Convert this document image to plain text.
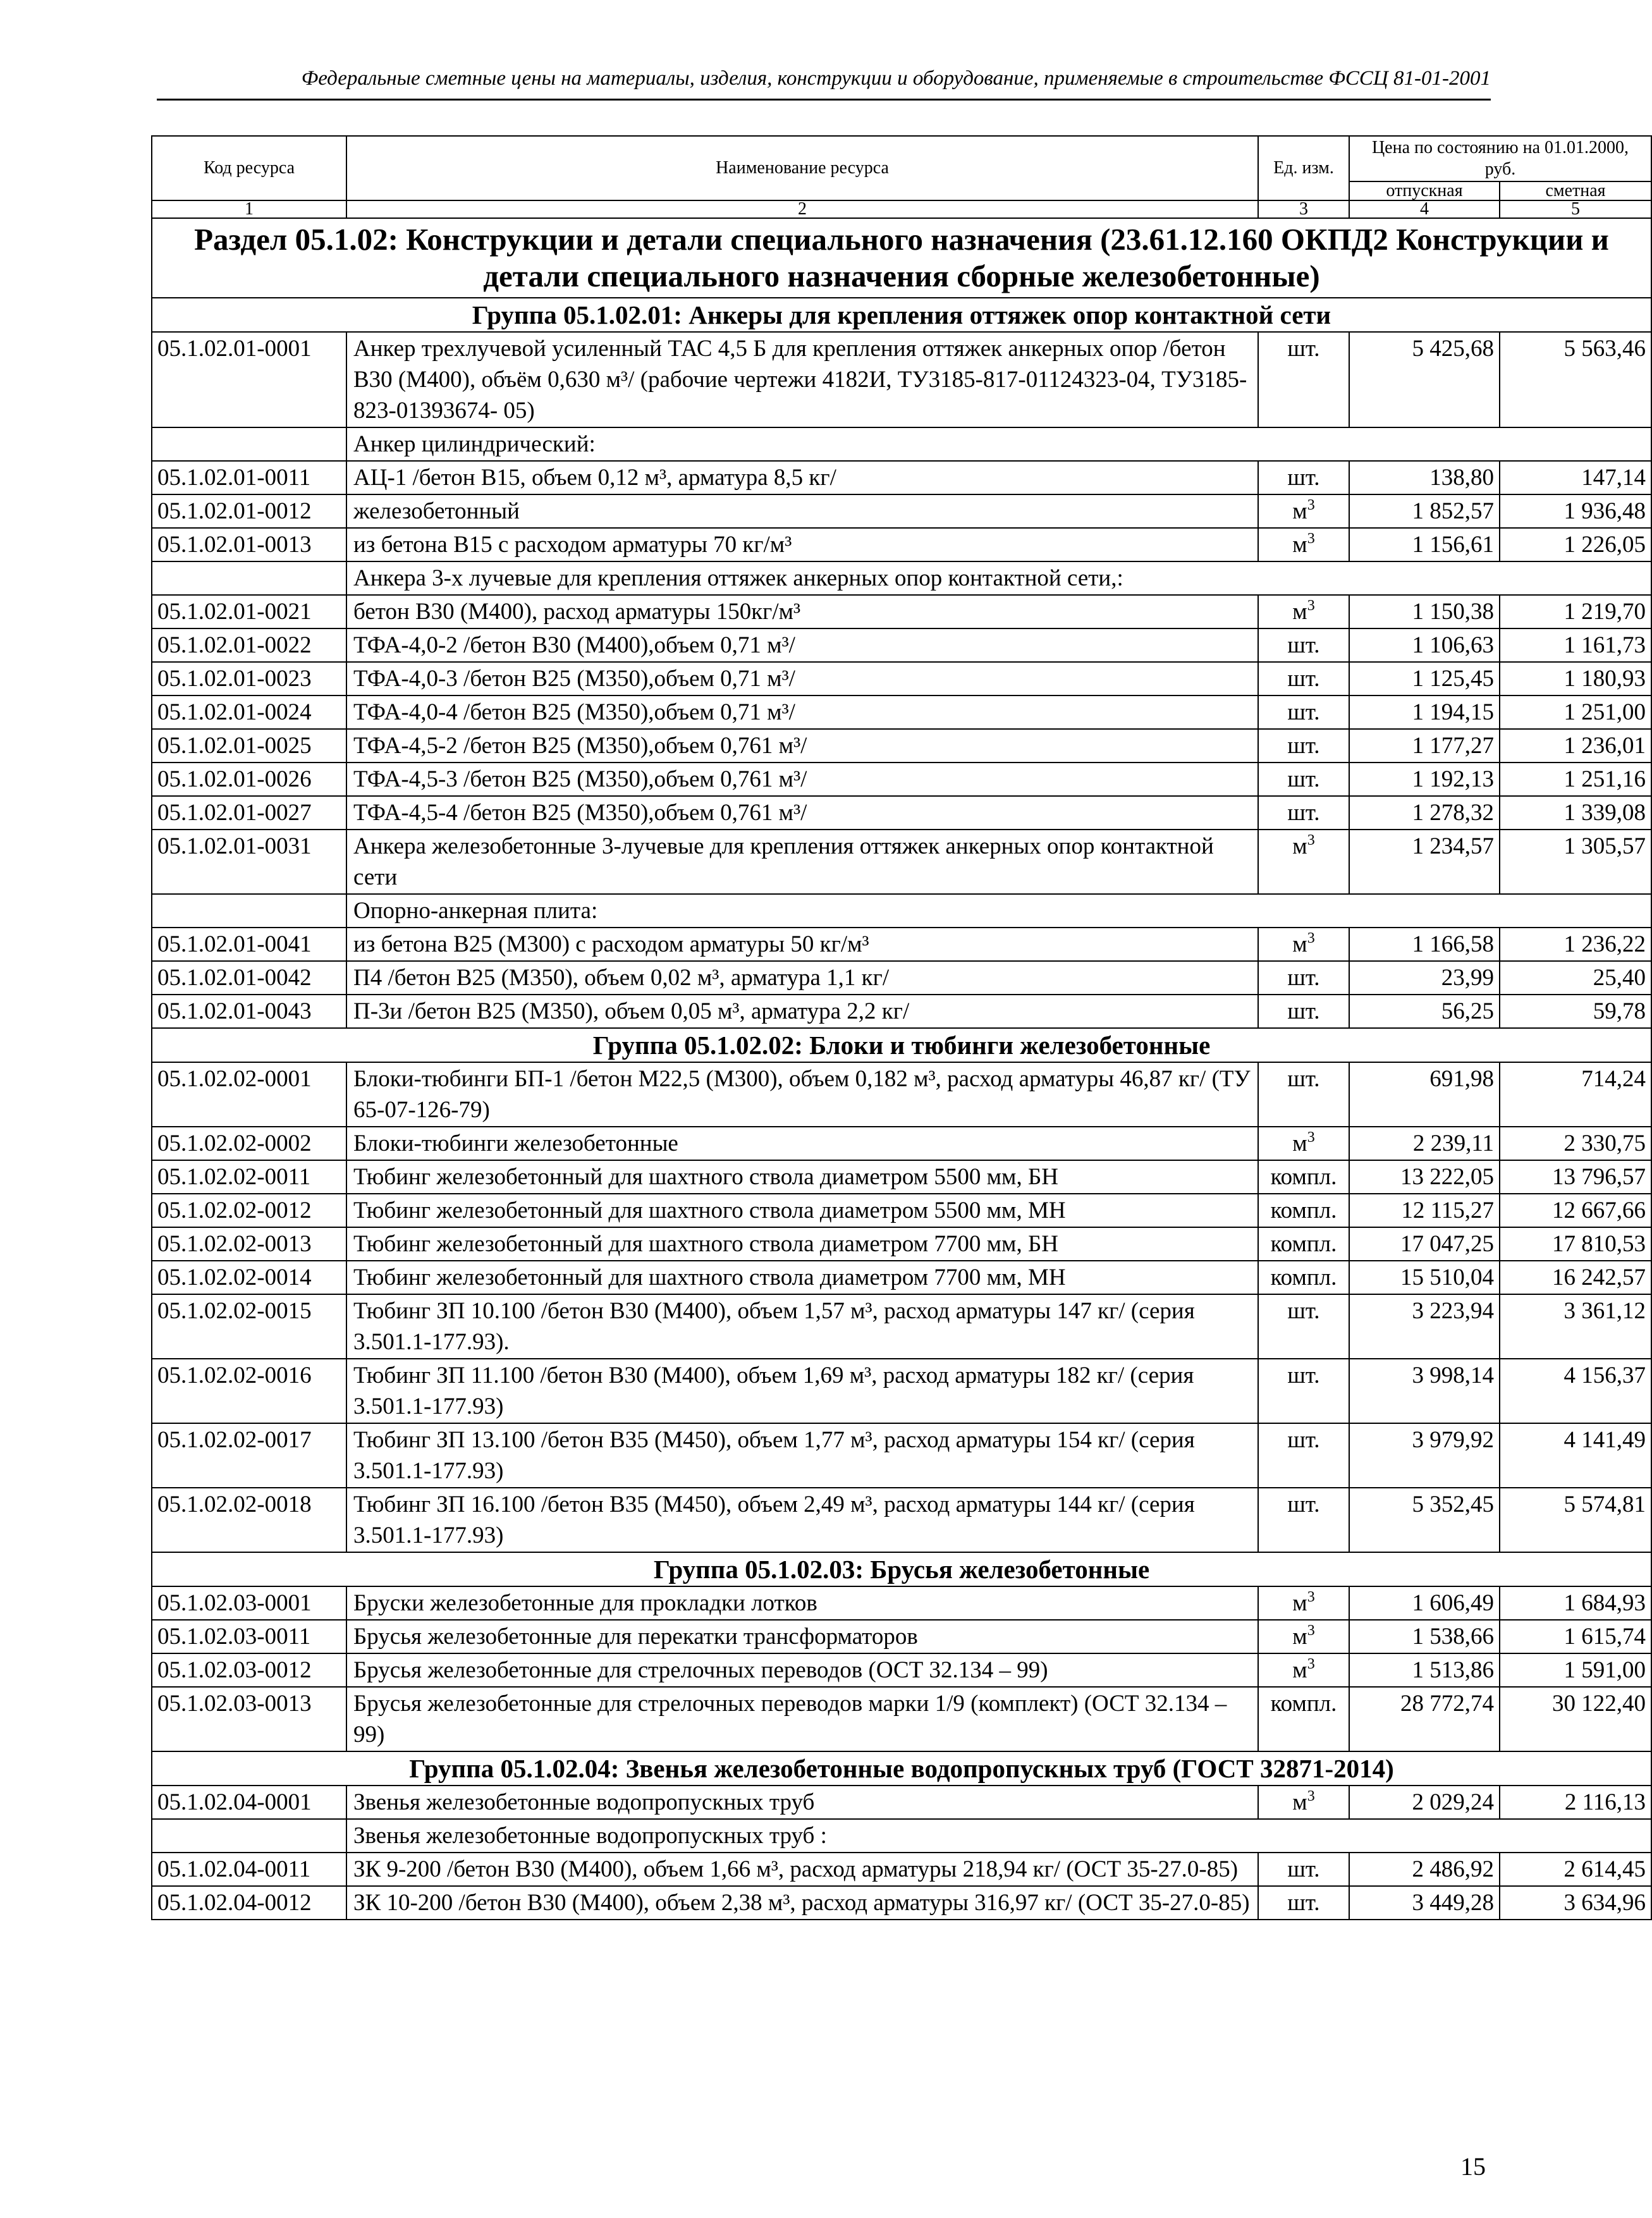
Федеральные сметные цены на материалы, изделия, конструкции и оборудование, применяемые в строительстве ФССЦ 81-01-2001
Код ресурса	Наименование ресурса	Ед. изм.	Цена по состоянию на 01.01.2000, руб.	
			отпускная	сметная
1	2	3	4	5
Раздел 05.1.02: Конструкции и детали специального назначения (23.61.12.160 ОКПД2 Конструкции и детали специального назначения сборные железобетонные)				
Группа 05.1.02.01: Анкеры для крепления оттяжек опор контактной сети				
05.1.02.01-0001	Анкер трехлучевой усиленный ТАС 4,5 Б для крепления оттяжек анкерных опор /бетон В30 (М400), объём 0,630 м³/ (рабочие чертежи 4182И, ТУ3185-817-01124323-04, ТУ3185-823-01393674- 05)	шт.	5 425,68	5 563,46
	Анкер цилиндрический:			
05.1.02.01-0011	АЦ-1 /бетон В15, объем 0,12 м³, арматура 8,5 кг/	шт.	138,80	147,14
05.1.02.01-0012	железобетонный	$м^3$	1 852,57	1 936,48
05.1.02.01-0013	из бетона В15 с расходом арматуры 70 кг/м³	$м^3$	1 156,61	1 226,05
	Анкера 3-х лучевые для крепления оттяжек анкерных опор контактной сети,:			
05.1.02.01-0021	бетон В30 (М400), расход арматуры 150кг/м³	$м^3$	1 150,38	1 219,70
05.1.02.01-0022	ТФА-4,0-2 /бетон В30 (М400),объем 0,71 м³/	шт.	1 106,63	1 161,73
05.1.02.01-0023	ТФА-4,0-3 /бетон В25 (М350),объем 0,71 м³/	шт.	1 125,45	1 180,93
05.1.02.01-0024	ТФА-4,0-4 /бетон В25 (М350),объем 0,71 м³/	шт.	1 194,15	1 251,00
05.1.02.01-0025	ТФА-4,5-2 /бетон В25 (М350),объем 0,761 м³/	шт.	1 177,27	1 236,01
05.1.02.01-0026	ТФА-4,5-3 /бетон В25 (М350),объем 0,761 м³/	шт.	1 192,13	1 251,16
05.1.02.01-0027	ТФА-4,5-4 /бетон В25 (М350),объем 0,761 м³/	шт.	1 278,32	1 339,08
05.1.02.01-0031	Анкера железобетонные 3-лучевые для крепления оттяжек анкерных опор контактной сети	$м^3$	1 234,57	1 305,57
	Опорно-анкерная плита:			
05.1.02.01-0041	из бетона В25 (М300) с расходом арматуры 50 кг/м³	$м^3$	1 166,58	1 236,22
05.1.02.01-0042	П4 /бетон В25 (М350), объем 0,02 м³, арматура 1,1 кг/	шт.	23,99	25,40
05.1.02.01-0043	П-3и /бетон В25 (М350), объем 0,05 м³, арматура 2,2 кг/	шт.	56,25	59,78
Группа 05.1.02.02: Блоки и тюбинги железобетонные				
05.1.02.02-0001	Блоки-тюбинги БП-1 /бетон М22,5 (М300), объем 0,182 м³, расход арматуры 46,87 кг/ (ТУ 65-07-126-79)	шт.	691,98	714,24
05.1.02.02-0002	Блоки-тюбинги железобетонные	$м^3$	2 239,11	2 330,75
05.1.02.02-0011	Тюбинг железобетонный для шахтного ствола диаметром 5500 мм, БН	компл.	13 222,05	13 796,57
05.1.02.02-0012	Тюбинг железобетонный для шахтного ствола диаметром 5500 мм, МН	компл.	12 115,27	12 667,66
05.1.02.02-0013	Тюбинг железобетонный для шахтного ствола диаметром 7700 мм, БН	компл.	17 047,25	17 810,53
05.1.02.02-0014	Тюбинг железобетонный для шахтного ствола диаметром 7700 мм, МН	компл.	15 510,04	16 242,57
05.1.02.02-0015	Тюбинг ЗП 10.100 /бетон В30 (М400), объем 1,57 м³, расход арматуры 147 кг/ (серия 3.501.1-177.93).	шт.	3 223,94	3 361,12
05.1.02.02-0016	Тюбинг ЗП 11.100 /бетон В30 (М400), объем 1,69 м³, расход арматуры 182 кг/ (серия 3.501.1-177.93)	шт.	3 998,14	4 156,37
05.1.02.02-0017	Тюбинг ЗП 13.100 /бетон В35 (М450), объем 1,77 м³, расход арматуры 154 кг/ (серия 3.501.1-177.93)	шт.	3 979,92	4 141,49
05.1.02.02-0018	Тюбинг ЗП 16.100 /бетон В35 (М450), объем 2,49 м³, расход арматуры 144 кг/ (серия 3.501.1-177.93)	шт.	5 352,45	5 574,81
Группа 05.1.02.03: Брусья железобетонные				
05.1.02.03-0001	Бруски железобетонные для прокладки лотков	$м^3$	1 606,49	1 684,93
05.1.02.03-0011	Брусья железобетонные для перекатки трансформаторов	$м^3$	1 538,66	1 615,74
05.1.02.03-0012	Брусья железобетонные для стрелочных переводов (ОСТ 32.134 – 99)	$м^3$	1 513,86	1 591,00
05.1.02.03-0013	Брусья железобетонные для стрелочных переводов марки 1/9 (комплект) (ОСТ 32.134 – 99)	компл.	28 772,74	30 122,40
Группа 05.1.02.04: Звенья железобетонные водопропускных труб (ГОСТ 32871-2014)				
05.1.02.04-0001	Звенья железобетонные водопропускных труб	$м^3$	2 029,24	2 116,13
	Звенья железобетонные водопропускных труб :			
05.1.02.04-0011	ЗК 9-200 /бетон В30 (М400), объем 1,66 м³, расход арматуры 218,94 кг/ (ОСТ 35-27.0-85)	шт.	2 486,92	2 614,45
05.1.02.04-0012	ЗК 10-200 /бетон В30 (М400), объем 2,38 м³, расход арматуры 316,97 кг/ (ОСТ 35-27.0-85)	шт.	3 449,28	3 634,96
15
